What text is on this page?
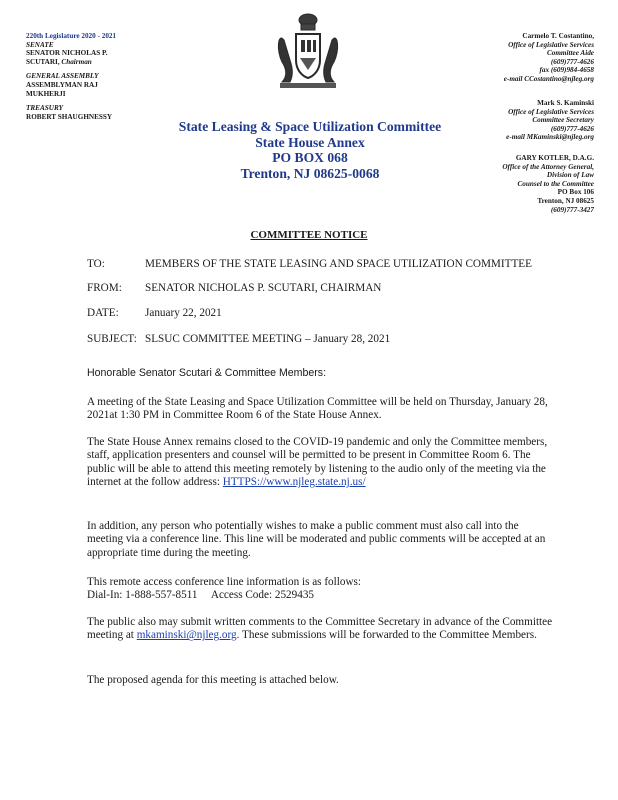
220th Legislature 2020 - 2021
SENATE
SENATOR NICHOLAS P.
SCUTARI, Chairman
GENERAL ASSEMBLY
ASSEMBLYMAN RAJ
MUKHERJI
TREASURY
ROBERT SHAUGHNESSY
Carmelo T. Costantino,
Office of Legislative Services
Committee Aide
(609)777-4626
fax (609)984-4658
e-mail CCostantino@njleg.org
Mark S. Kaminski
Office of Legislative Services
Committee Secretary
(609)777-4626
e-mail MKaminski@njleg.org
GARY KOTLER, D.A.G.
Office of the Attorney General,
Division of Law
Counsel to the Committee
PO Box 106
Trenton, NJ 08625
(609)777-3427
State Leasing & Space Utilization Committee
State House Annex
PO BOX 068
Trenton, NJ 08625-0068
COMMITTEE NOTICE
TO:	MEMBERS OF THE STATE LEASING AND SPACE UTILIZATION COMMITTEE
FROM: SENATOR NICHOLAS P. SCUTARI, CHAIRMAN
DATE: January 22, 2021
SUBJECT: SLSUC COMMITTEE MEETING – January 28, 2021
Honorable Senator Scutari & Committee Members:
A meeting of the State Leasing and Space Utilization Committee will be held on Thursday, January 28, 2021at 1:30 PM in Committee Room 6 of the State House Annex.
The State House Annex remains closed to the COVID-19 pandemic and only the Committee members, staff, application presenters and counsel will be permitted to be present in Committee Room 6. The public will be able to attend this meeting remotely by listening to the audio only of the meeting via the internet at the follow address: HTTPS://www.njleg.state.nj.us/
In addition, any person who potentially wishes to make a public comment must also call into the meeting via a conference line. This line will be moderated and public comments will be accepted at an appropriate time during the meeting.
This remote access conference line information is as follows:
Dial-In: 1-888-557-8511     Access Code: 2529435
The public also may submit written comments to the Committee Secretary in advance of the Committee meeting at mkaminski@njleg.org. These submissions will be forwarded to the Committee Members.
The proposed agenda for this meeting is attached below.
